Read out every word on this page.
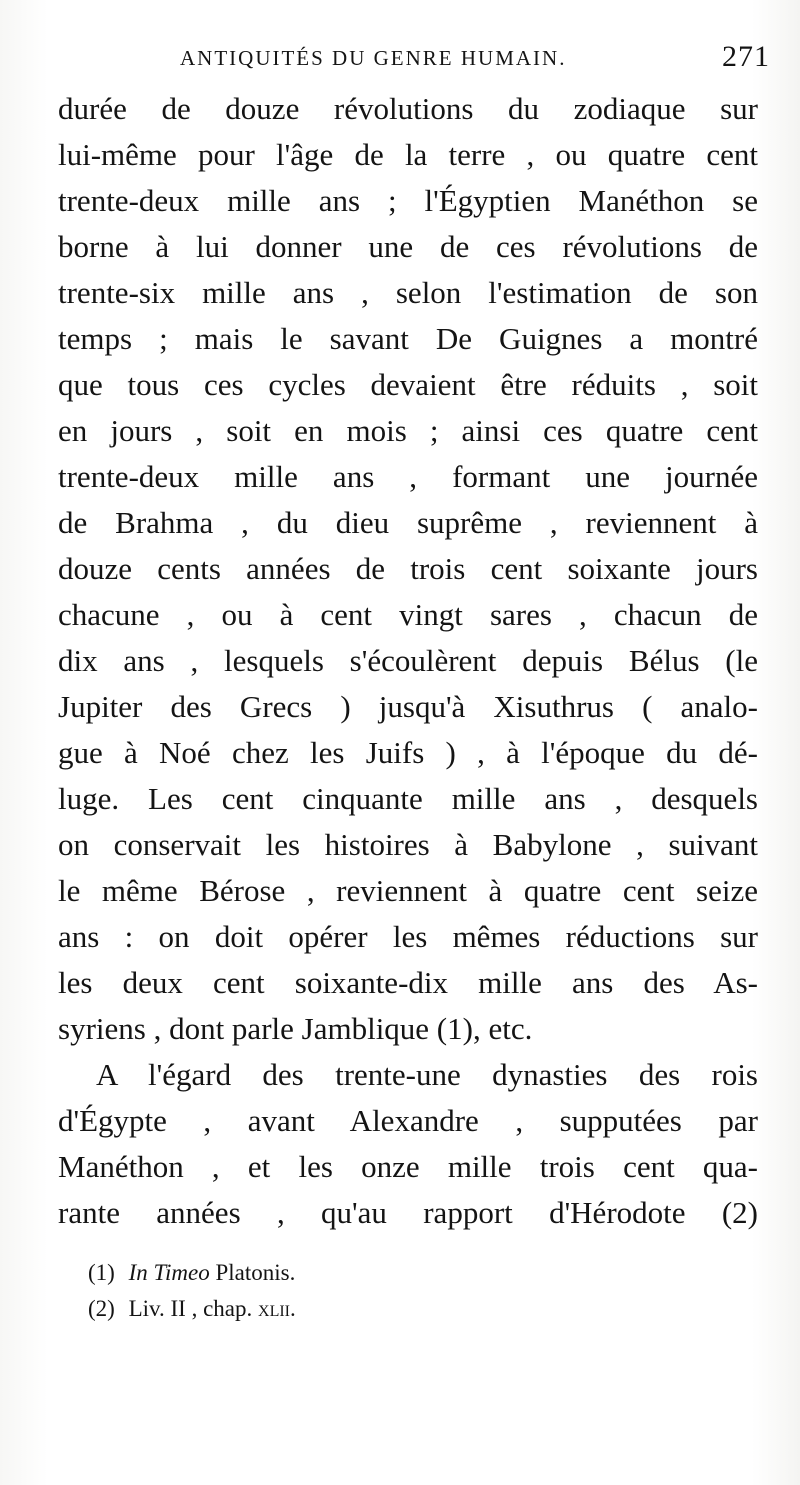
ANTIQUITÉS DU GENRE HUMAIN.	271
durée de douze révolutions du zodiaque sur
lui-même pour l'âge de la terre , ou quatre cent
trente-deux mille ans ; l'Égyptien Manéthon se
borne à lui donner une de ces révolutions de
trente-six mille ans , selon l'estimation de son
temps ; mais le savant De Guignes a montré
que tous ces cycles devaient être réduits , soit
en jours , soit en mois ; ainsi ces quatre cent
trente-deux mille ans , formant une journée
de Brahma , du dieu suprême , reviennent à
douze cents années de trois cent soixante jours
chacune , ou à cent vingt sares , chacun de
dix ans , lesquels s'écoulèrent depuis Bélus (le
Jupiter des Grecs ) jusqu'à Xisuthrus ( analo-
gue à Noé chez les Juifs ) , à l'époque du dé-
luge. Les cent cinquante mille ans , desquels
on conservait les histoires à Babylone , suivant
le même Bérose , reviennent à quatre cent seize
ans : on doit opérer les mêmes réductions sur
les deux cent soixante-dix mille ans des As-
syriens , dont parle Jamblique (1), etc.
A l'égard des trente-une dynasties des rois
d'Égypte , avant Alexandre , supputées par
Manéthon , et les onze mille trois cent qua-
rante années , qu'au rapport d'Hérodote (2)
(1) In Timeo Platonis.
(2) Liv. II , chap. xlii.
